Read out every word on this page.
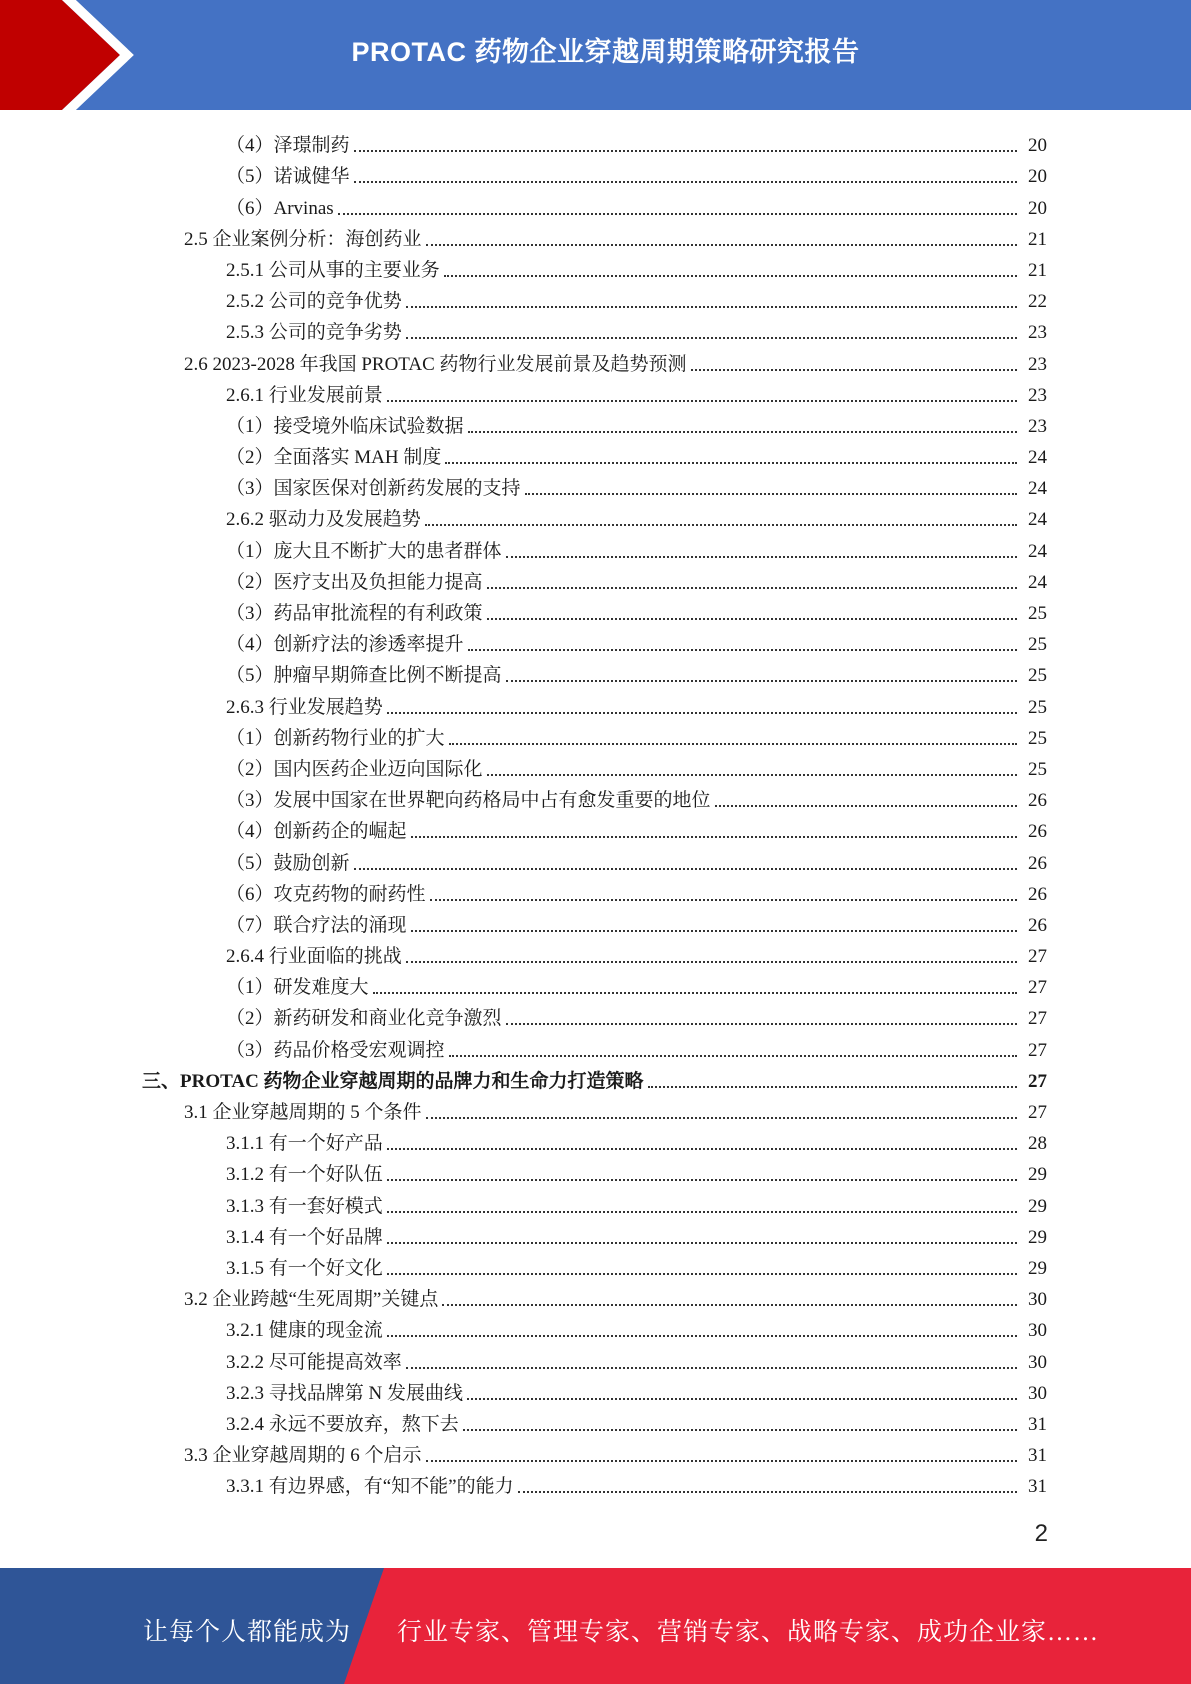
PROTAC 药物企业穿越周期策略研究报告
（4）泽璟制药	20
（5）诺诚健华	20
（6）Arvinas	20
2.5 企业案例分析：海创药业	21
2.5.1 公司从事的主要业务	21
2.5.2 公司的竞争优势	22
2.5.3 公司的竞争劣势	23
2.6 2023-2028 年我国 PROTAC 药物行业发展前景及趋势预测	23
2.6.1 行业发展前景	23
（1）接受境外临床试验数据	23
（2）全面落实 MAH 制度	24
（3）国家医保对创新药发展的支持	24
2.6.2 驱动力及发展趋势	24
（1）庞大且不断扩大的患者群体	24
（2）医疗支出及负担能力提高	24
（3）药品审批流程的有利政策	25
（4）创新疗法的渗透率提升	25
（5）肿瘤早期筛查比例不断提高	25
2.6.3 行业发展趋势	25
（1）创新药物行业的扩大	25
（2）国内医药企业迈向国际化	25
（3）发展中国家在世界靶向药格局中占有愈发重要的地位	26
（4）创新药企的崛起	26
（5）鼓励创新	26
（6）攻克药物的耐药性	26
（7）联合疗法的涌现	26
2.6.4 行业面临的挑战	27
（1）研发难度大	27
（2）新药研发和商业化竞争激烈	27
（3）药品价格受宏观调控	27
三、PROTAC 药物企业穿越周期的品牌力和生命力打造策略	27
3.1 企业穿越周期的 5 个条件	27
3.1.1 有一个好产品	28
3.1.2 有一个好队伍	29
3.1.3 有一套好模式	29
3.1.4 有一个好品牌	29
3.1.5 有一个好文化	29
3.2 企业跨越“生死周期”关键点	30
3.2.1 健康的现金流	30
3.2.2 尽可能提高效率	30
3.2.3 寻找品牌第 N 发展曲线	30
3.2.4 永远不要放弃，熬下去	31
3.3 企业穿越周期的 6 个启示	31
3.3.1 有边界感，有“知不能”的能力	31
2
让每个人都能成为 行业专家、管理专家、营销专家、战略专家、成功企业家……
